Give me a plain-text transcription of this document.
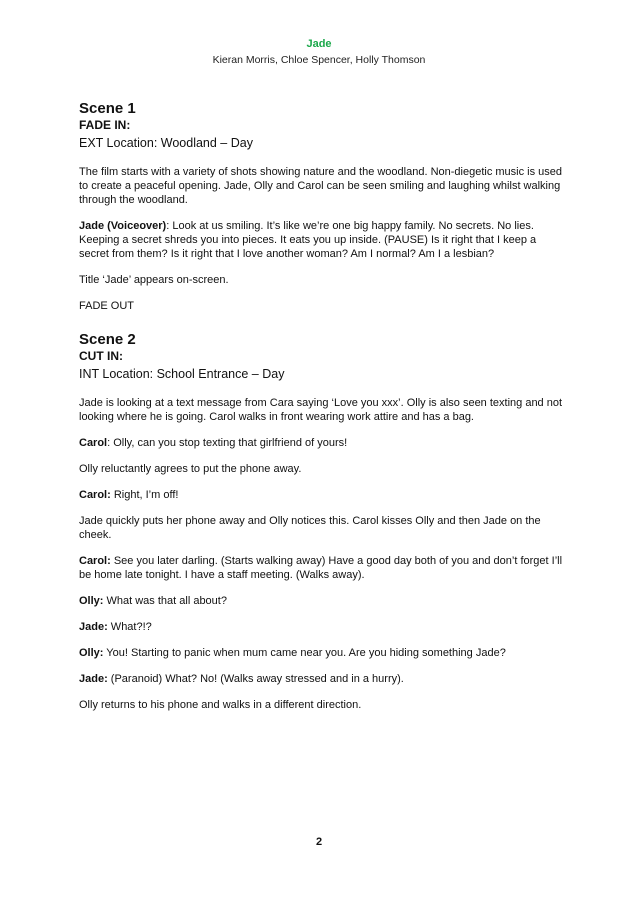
Jade
Kieran Morris, Chloe Spencer, Holly Thomson
Scene 1
FADE IN:
EXT Location: Woodland – Day

The film starts with a variety of shots showing nature and the woodland. Non-diegetic music is used to create a peaceful opening. Jade, Olly and Carol can be seen smiling and laughing whilst walking through the woodland.

Jade (Voiceover): Look at us smiling. It’s like we’re one big happy family. No secrets. No lies. Keeping a secret shreds you into pieces. It eats you up inside. (PAUSE) Is it right that I keep a secret from them? Is it right that I love another woman? Am I normal? Am I a lesbian?

Title ‘Jade’ appears on-screen.

FADE OUT

Scene 2
CUT IN:
INT Location: School Entrance – Day

Jade is looking at a text message from Cara saying ‘Love you xxx’. Olly is also seen texting and not looking where he is going. Carol walks in front wearing work attire and has a bag.

Carol: Olly, can you stop texting that girlfriend of yours!

Olly reluctantly agrees to put the phone away.

Carol: Right, I’m off!

Jade quickly puts her phone away and Olly notices this. Carol kisses Olly and then Jade on the cheek.

Carol: See you later darling. (Starts walking away) Have a good day both of you and don’t forget I’ll be home late tonight. I have a staff meeting. (Walks away).

Olly: What was that all about?

Jade: What?!?

Olly: You! Starting to panic when mum came near you. Are you hiding something Jade?

Jade: (Paranoid) What? No! (Walks away stressed and in a hurry).

Olly returns to his phone and walks in a different direction.

2
